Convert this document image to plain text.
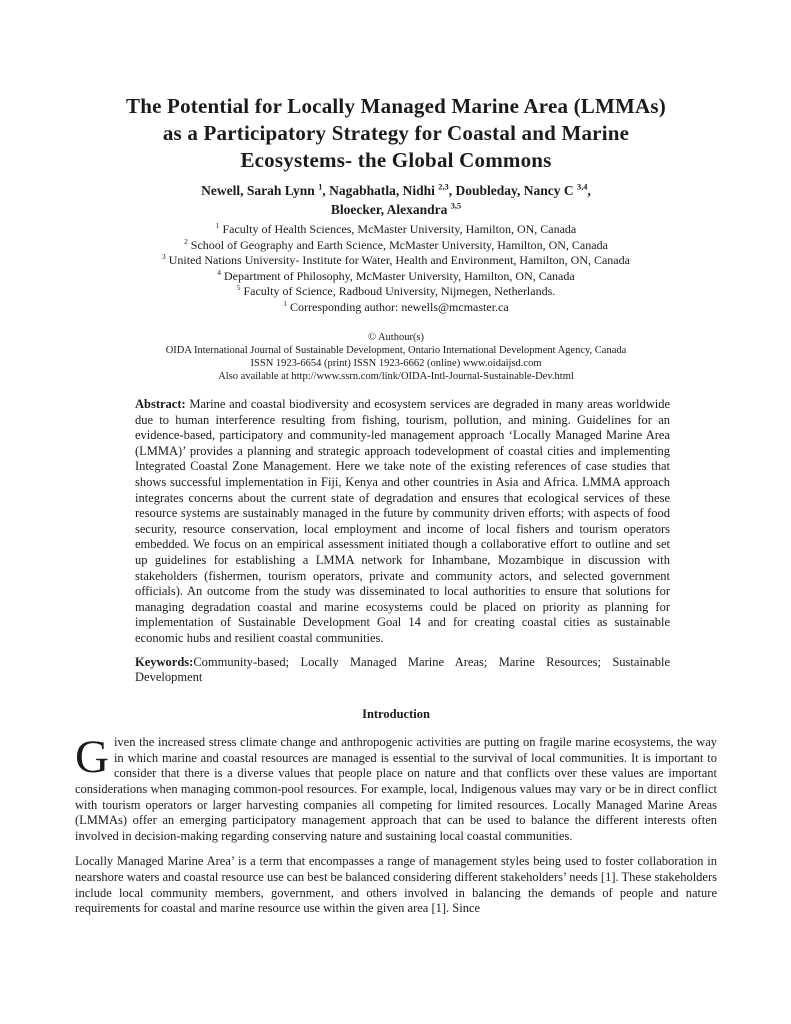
The Potential for Locally Managed Marine Area (LMMAs)
as a Participatory Strategy for Coastal and Marine
Ecosystems- the Global Commons
Newell, Sarah Lynn $^1$, Nagabhatla, Nidhi $^{2,3}$, Doubleday, Nancy C $^{3,4}$,
Bloecker, Alexandra $^{3,5}$
$^1$ Faculty of Health Sciences, McMaster University, Hamilton, ON, Canada
$^2$ School of Geography and Earth Science, McMaster University, Hamilton, ON, Canada
$^3$ United Nations University- Institute for Water, Health and Environment, Hamilton, ON, Canada
$^4$ Department of Philosophy, McMaster University, Hamilton, ON, Canada
$^5$ Faculty of Science, Radboud University, Nijmegen, Netherlands.
$^1$ Corresponding author: newells@mcmaster.ca
© Authour(s)
OIDA International Journal of Sustainable Development, Ontario International Development Agency, Canada
ISSN 1923-6654 (print) ISSN 1923-6662 (online) www.oidaijsd.com
Also available at http://www.ssrn.com/link/OIDA-Intl-Journal-Sustainable-Dev.html
Abstract: Marine and coastal biodiversity and ecosystem services are degraded in many areas worldwide due to human interference resulting from fishing, tourism, pollution, and mining. Guidelines for an evidence-based, participatory and community-led management approach ‘Locally Managed Marine Area (LMMA)’ provides a planning and strategic approach todevelopment of coastal cities and implementing Integrated Coastal Zone Management. Here we take note of the existing references of case studies that shows successful implementation in Fiji, Kenya and other countries in Asia and Africa. LMMA approach integrates concerns about the current state of degradation and ensures that ecological services of these resource systems are sustainably managed in the future by community driven efforts; with aspects of food security, resource conservation, local employment and income of local fishers and tourism operators embedded. We focus on an empirical assessment initiated though a collaborative effort to outline and set up guidelines for establishing a LMMA network for Inhambane, Mozambique in discussion with stakeholders (fishermen, tourism operators, private and community actors, and selected government officials). An outcome from the study was disseminated to local authorities to ensure that solutions for managing degradation coastal and marine ecosystems could be placed on priority as planning for implementation of Sustainable Development Goal 14 and for creating coastal cities as sustainable economic hubs and resilient coastal communities.
Keywords:Community-based; Locally Managed Marine Areas; Marine Resources; Sustainable Development
Introduction
Given the increased stress climate change and anthropogenic activities are putting on fragile marine ecosystems, the way in which marine and coastal resources are managed is essential to the survival of local communities. It is important to consider that there is a diverse values that people place on nature and that conflicts over these values are important considerations when managing common-pool resources. For example, local, Indigenous values may vary or be in direct conflict with tourism operators or larger harvesting companies all competing for limited resources. Locally Managed Marine Areas (LMMAs) offer an emerging participatory management approach that can be used to balance the different interests often involved in decision-making regarding conserving nature and sustaining local coastal communities.
Locally Managed Marine Area’ is a term that encompasses a range of management styles being used to foster collaboration in nearshore waters and coastal resource use can best be balanced considering different stakeholders’ needs [1]. These stakeholders include local community members, government, and others involved in balancing the demands of people and nature requirements for coastal and marine resource use within the given area [1]. Since
